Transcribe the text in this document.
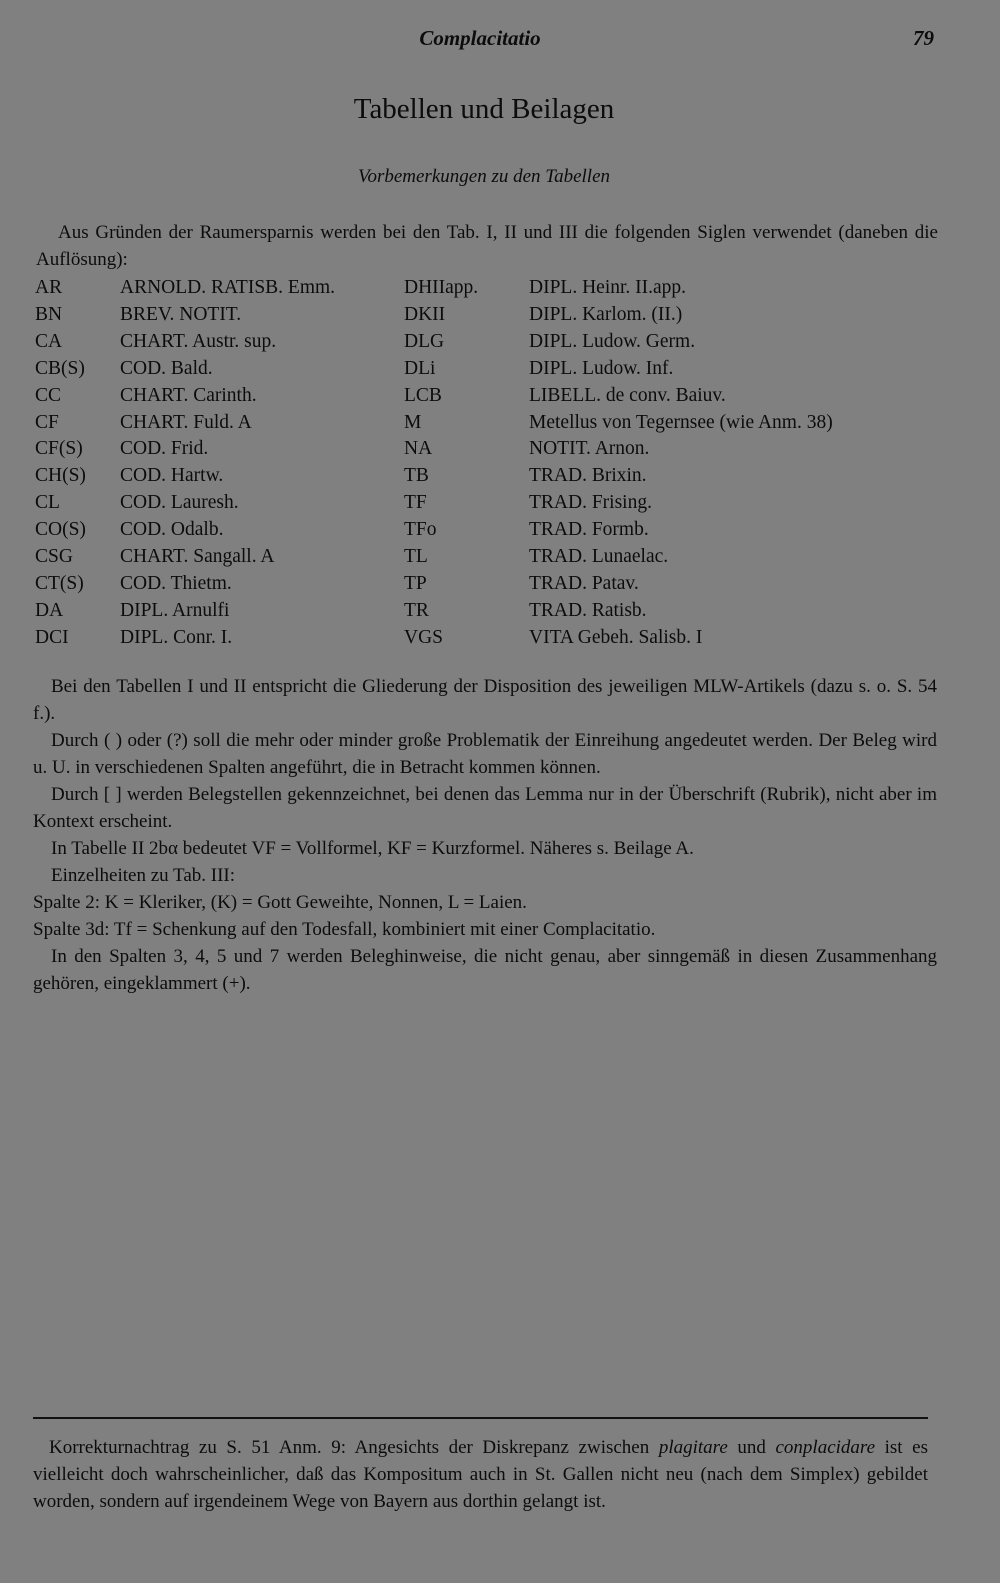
Complacitatio	79
Tabellen und Beilagen
Vorbemerkungen zu den Tabellen
Aus Gründen der Raumersparnis werden bei den Tab. I, II und III die folgenden Siglen verwendet (daneben die Auflösung):
AR	ARNOLD. RATISB. Emm.	DHIIapp.	DIPL. Heinr. II.app.
BN	BREV. NOTIT.	DKII	DIPL. Karlom. (II.)
CA	CHART. Austr. sup.	DLG	DIPL. Ludow. Germ.
CB(S)	COD. Bald.	DLi	DIPL. Ludow. Inf.
CC	CHART. Carinth.	LCB	LIBELL. de conv. Baiuv.
CF	CHART. Fuld. A	M	Metellus von Tegernsee (wie Anm. 38)
CF(S)	COD. Frid.	NA	NOTIT. Arnon.
CH(S)	COD. Hartw.	TB	TRAD. Brixin.
CL	COD. Lauresh.	TF	TRAD. Frising.
CO(S)	COD. Odalb.	TFo	TRAD. Formb.
CSG	CHART. Sangall. A	TL	TRAD. Lunaelac.
CT(S)	COD. Thietm.	TP	TRAD. Patav.
DA	DIPL. Arnulfi	TR	TRAD. Ratisb.
DCI	DIPL. Conr. I.	VGS	VITA Gebeh. Salisb. I

Bei den Tabellen I und II entspricht die Gliederung der Disposition des jeweiligen MLW-Artikels (dazu s. o. S. 54 f.).

Durch ( ) oder (?) soll die mehr oder minder große Problematik der Einreihung angedeutet werden. Der Beleg wird u. U. in verschiedenen Spalten angeführt, die in Betracht kommen können.

Durch [ ] werden Belegstellen gekennzeichnet, bei denen das Lemma nur in der Überschrift (Rubrik), nicht aber im Kontext erscheint.

In Tabelle II 2bα bedeutet VF = Vollformel, KF = Kurzformel. Näheres s. Beilage A.

Einzelheiten zu Tab. III:

Spalte 2: K = Kleriker, (K) = Gott Geweihte, Nonnen, L = Laien.

Spalte 3d: Tf = Schenkung auf den Todesfall, kombiniert mit einer Complacitatio.

In den Spalten 3, 4, 5 und 7 werden Beleghinweise, die nicht genau, aber sinngemäß in diesen Zusammenhang gehören, eingeklammert (+).

Korrekturnachtrag zu S. 51 Anm. 9: Angesichts der Diskrepanz zwischen plagitare und conplacidare ist es vielleicht doch wahrscheinlicher, daß das Kompositum auch in St. Gallen nicht neu (nach dem Simplex) gebildet worden, sondern auf irgendeinem Wege von Bayern aus dorthin gelangt ist.
